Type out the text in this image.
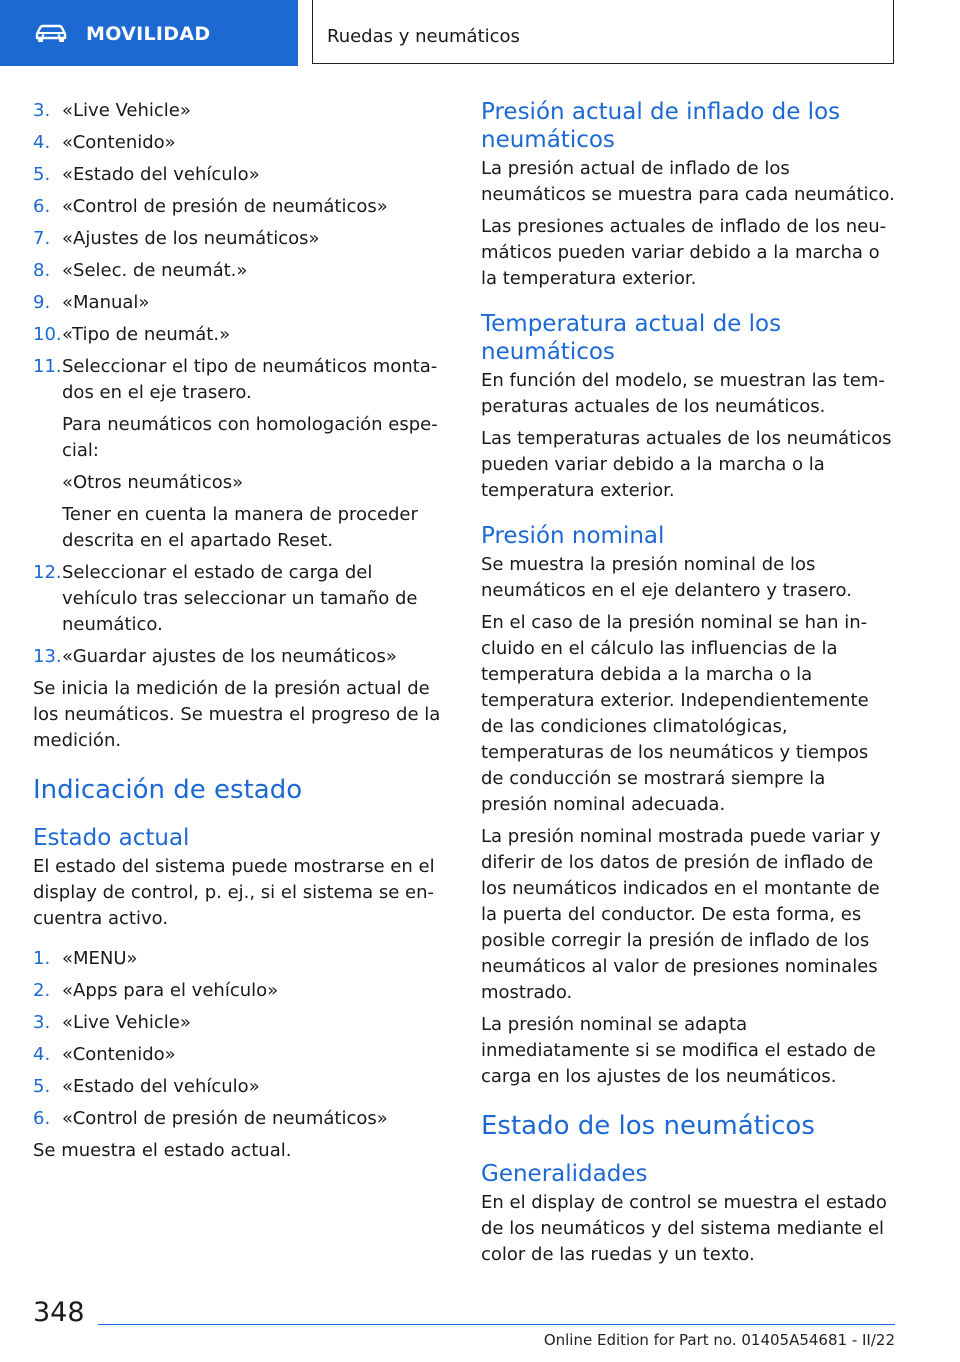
MOVILIDAD	Ruedas y neumáticos
3. «Live Vehicle»
4. «Contenido»
5. «Estado del vehículo»
6. «Control de presión de neumáticos»
7. «Ajustes de los neumáticos»
8. «Selec. de neumát.»
9. «Manual»
10. «Tipo de neumát.»
11. Seleccionar el tipo de neumáticos montados en el eje trasero.
Para neumáticos con homologación especial:
«Otros neumáticos»
Tener en cuenta la manera de proceder descrita en el apartado Reset.
12. Seleccionar el estado de carga del vehículo tras seleccionar un tamaño de neumático.
13. «Guardar ajustes de los neumáticos»

Se inicia la medición de la presión actual de los neumáticos. Se muestra el progreso de la medición.

Indicación de estado
Estado actual

El estado del sistema puede mostrarse en el display de control, p. ej., si el sistema se encuentra activo.

1. «MENU»
2. «Apps para el vehículo»
3. «Live Vehicle»
4. «Contenido»
5. «Estado del vehículo»
6. «Control de presión de neumáticos»

Se muestra el estado actual.

Presión actual de inflado de los neumáticos

La presión actual de inflado de los neumáticos se muestra para cada neumático.

Las presiones actuales de inflado de los neumáticos pueden variar debido a la marcha o la temperatura exterior.

Temperatura actual de los neumáticos

En función del modelo, se muestran las temperaturas actuales de los neumáticos.

Las temperaturas actuales de los neumáticos pueden variar debido a la marcha o la temperatura exterior.

Presión nominal

Se muestra la presión nominal de los neumáticos en el eje delantero y trasero.

En el caso de la presión nominal se han incluido en el cálculo las influencias de la temperatura debida a la marcha o la temperatura exterior. Independientemente de las condiciones climatológicas, temperaturas de los neumáticos y tiempos de conducción se mostrará siempre la presión nominal adecuada.

La presión nominal mostrada puede variar y diferir de los datos de presión de inflado de los neumáticos indicados en el montante de la puerta del conductor. De esta forma, es posible corregir la presión de inflado de los neumáticos al valor de presiones nominales mostrado.

La presión nominal se adapta inmediatamente si se modifica el estado de carga en los ajustes de los neumáticos.

Estado de los neumáticos
Generalidades

En el display de control se muestra el estado de los neumáticos y del sistema mediante el color de las ruedas y un texto.

348
Online Edition for Part no. 01405A54681 - II/22
